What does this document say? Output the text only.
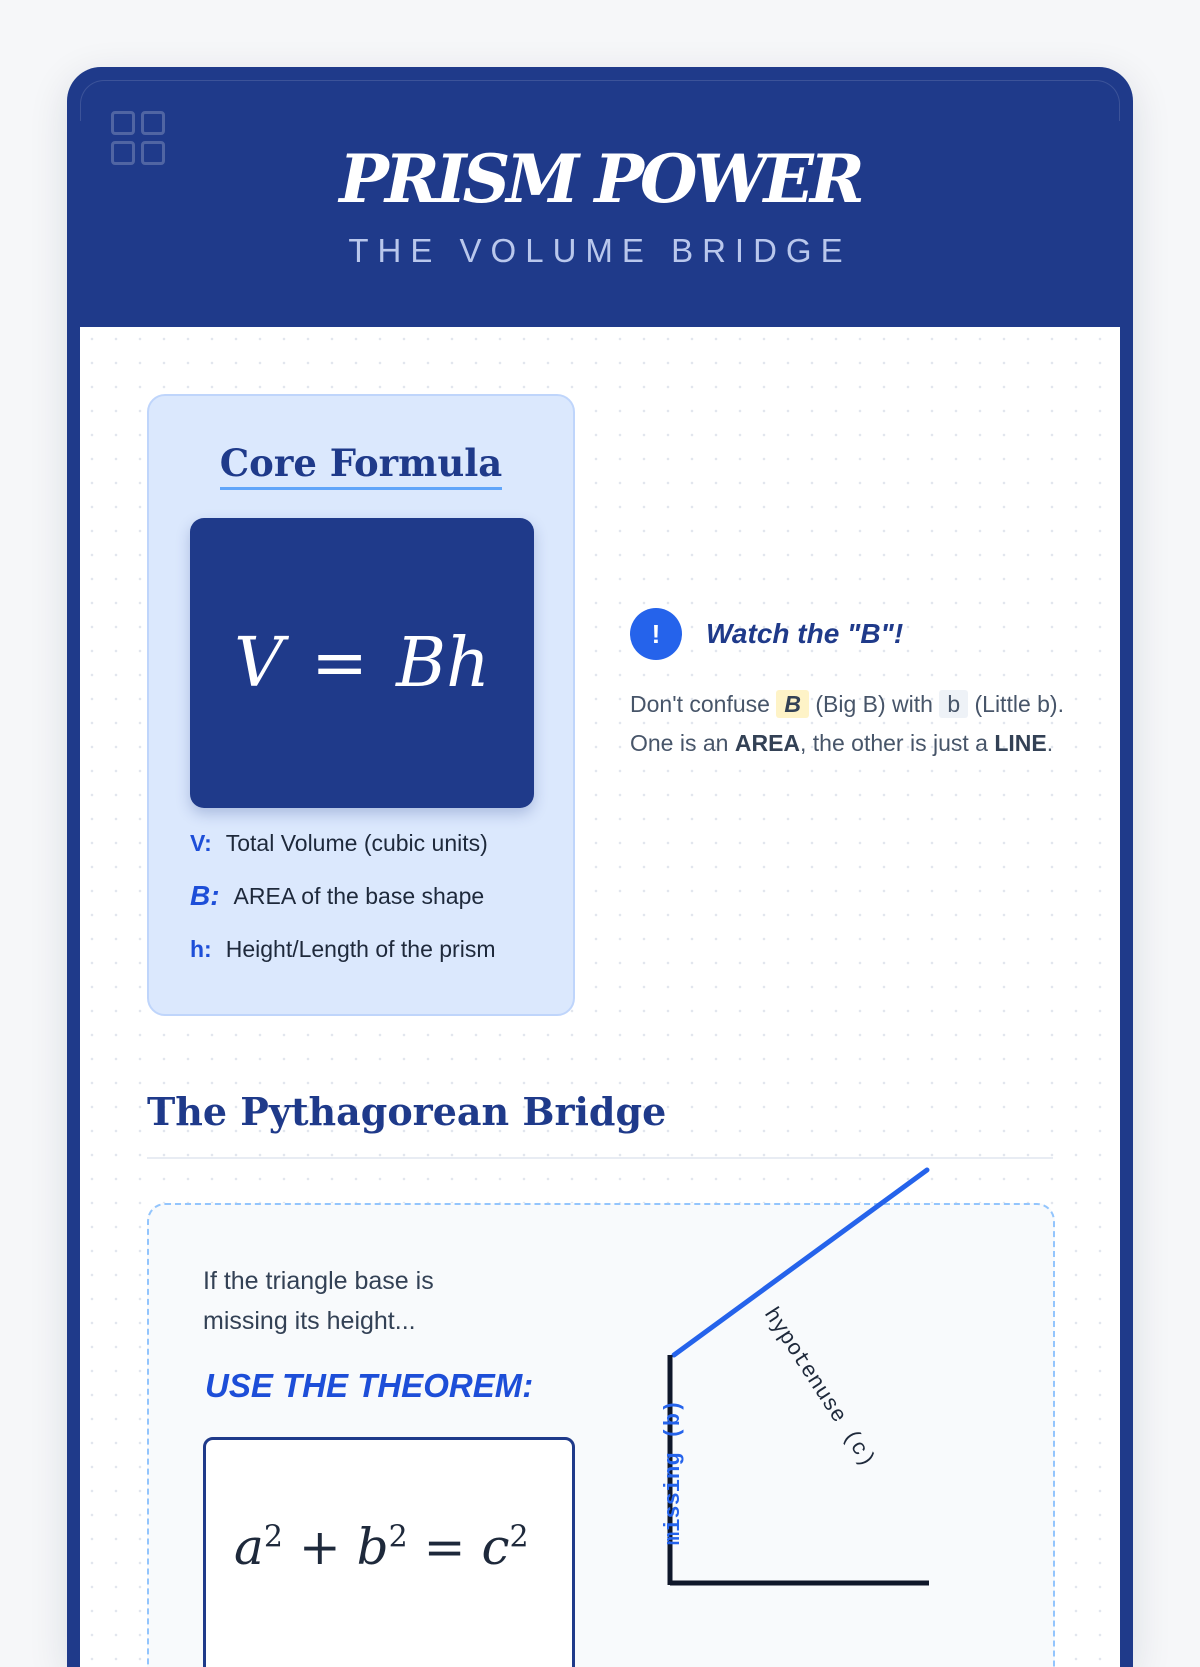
PRISM POWER
THE VOLUME BRIDGE
Core Formula
V = Bh
V: Total Volume (cubic units)
B: AREA of the base shape
h: Height/Length of the prism
!	Watch the "B"!
Don't confuse B (Big B) with b (Little b). One is an AREA, the other is just a LINE.
The Pythagorean Bridge
If the triangle base is missing its height...
USE THE THEOREM:
$a^2 + b^2 = c^2$
hypotenuse (c)
missing (b)
